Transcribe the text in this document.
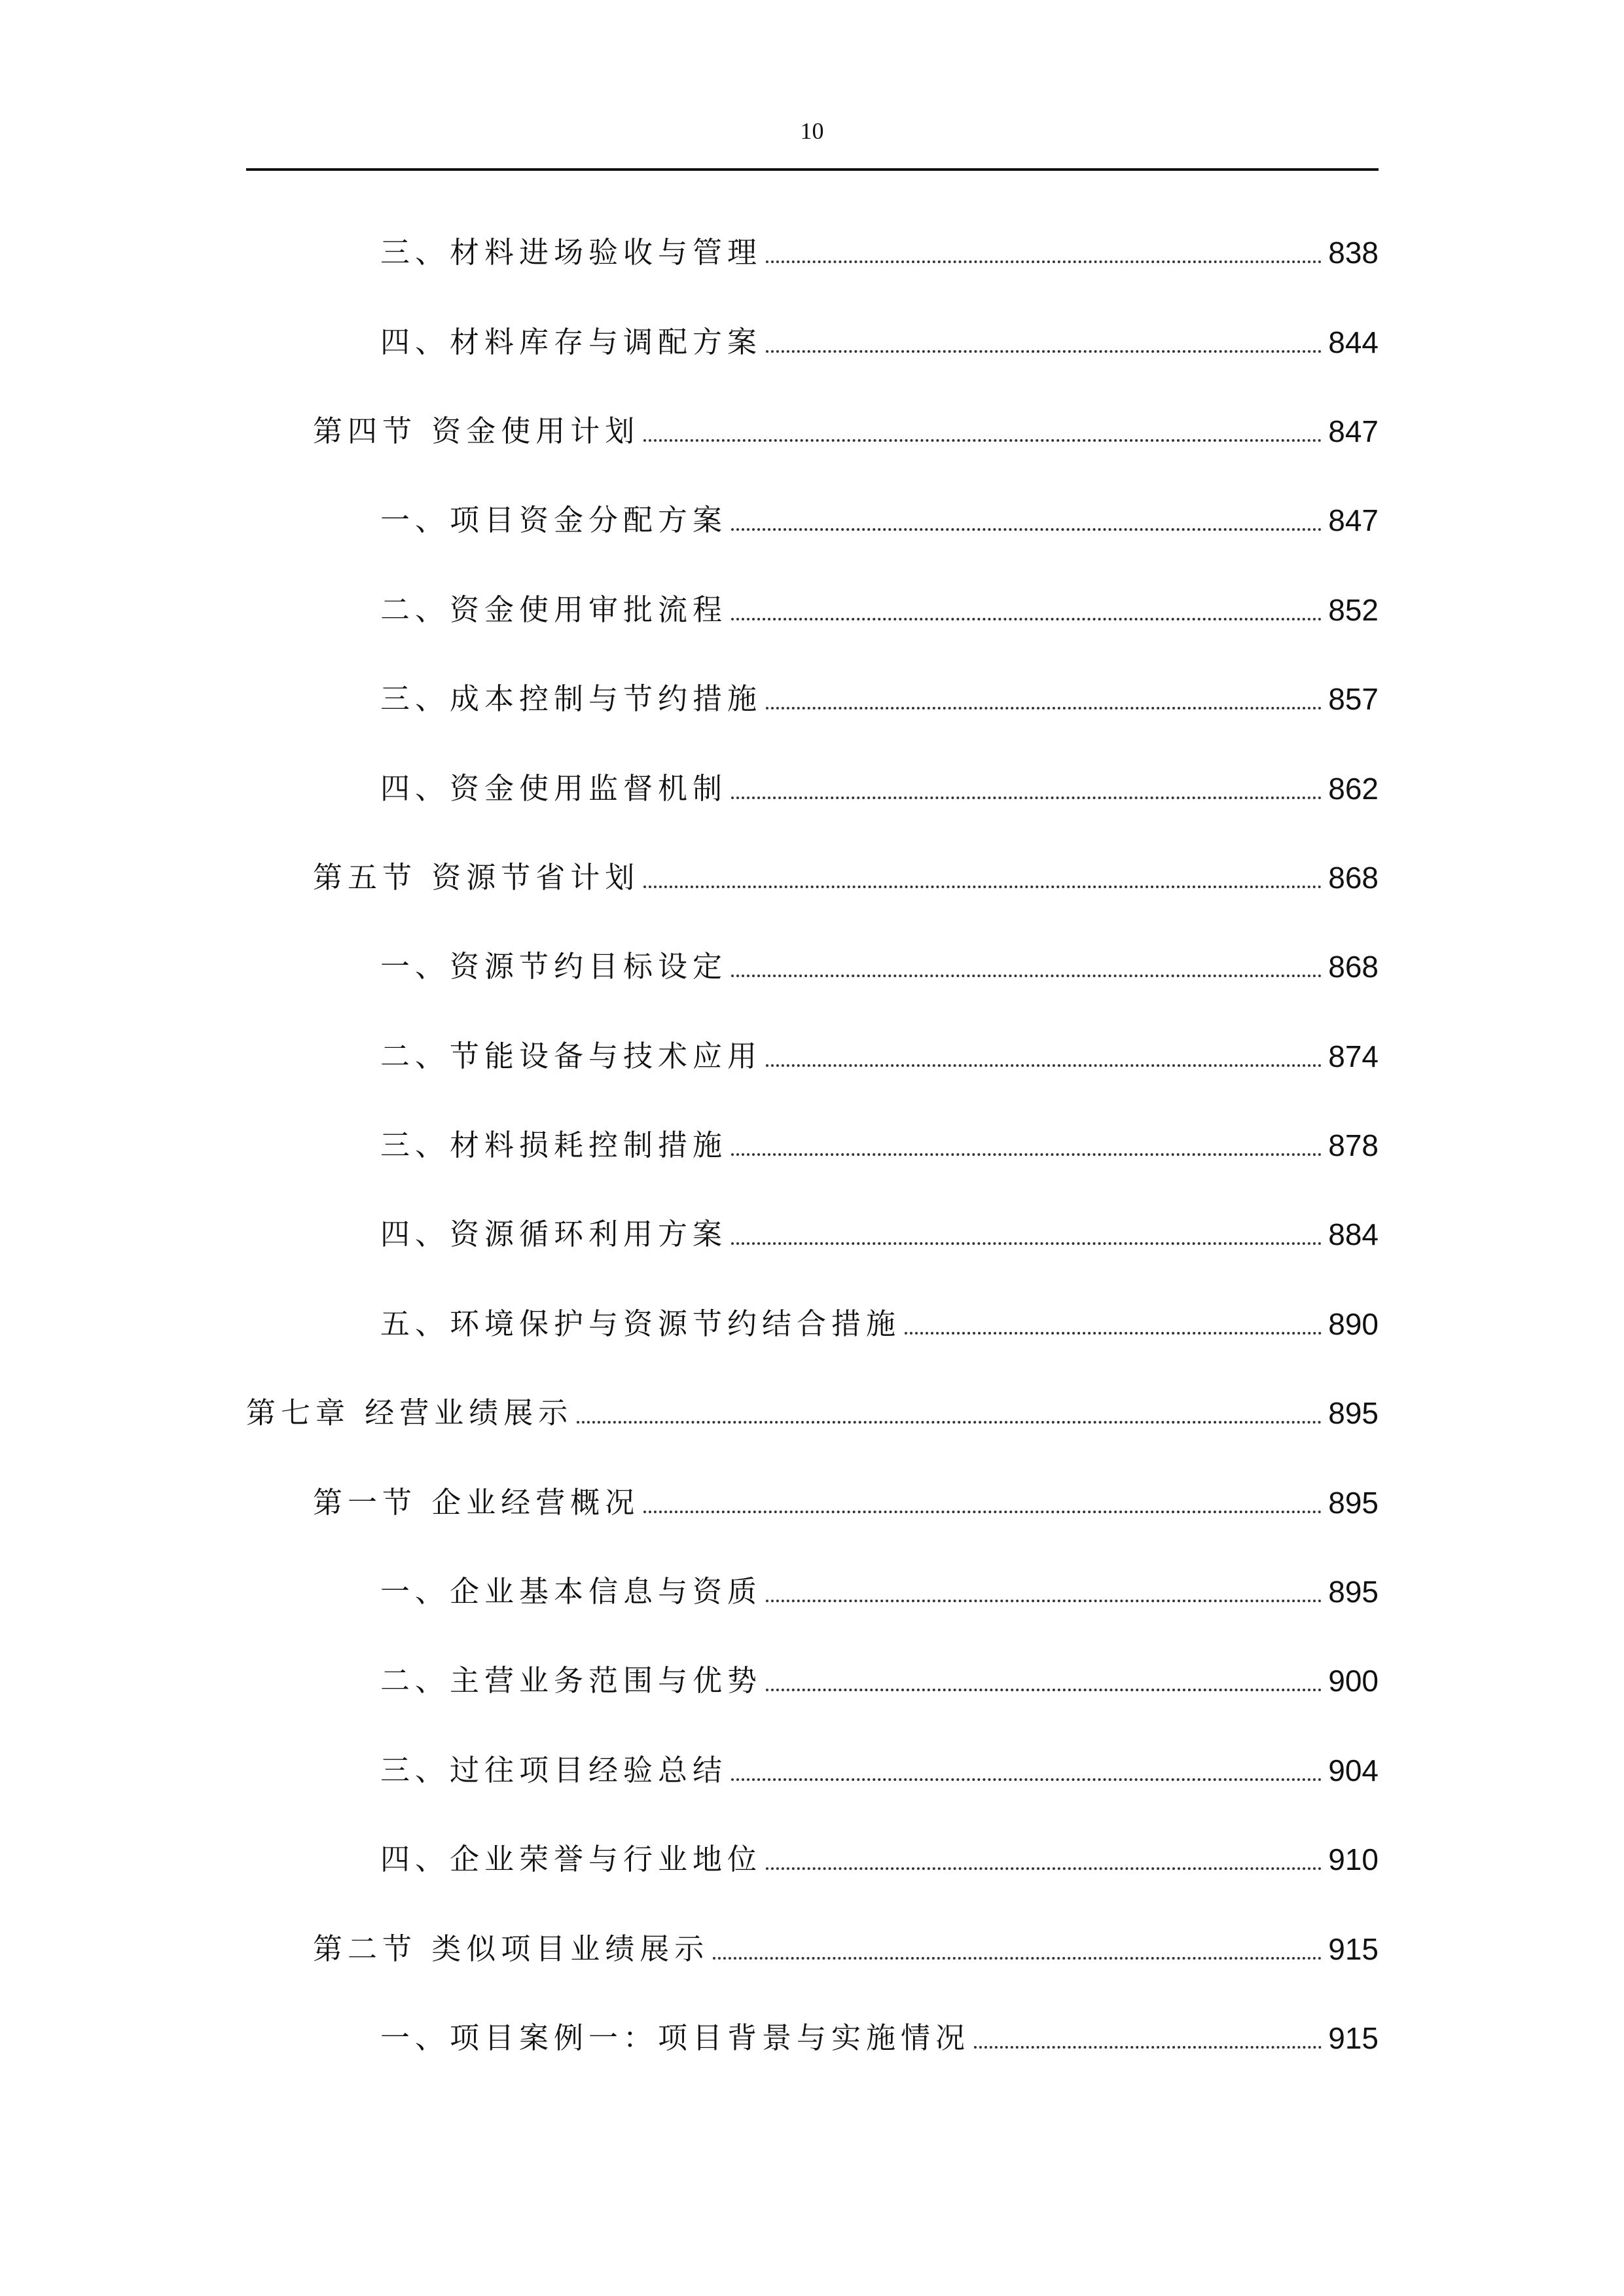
10
三、材料进场验收与管理	838
四、材料库存与调配方案	844
第四节 资金使用计划	847
一、项目资金分配方案	847
二、资金使用审批流程	852
三、成本控制与节约措施	857
四、资金使用监督机制	862
第五节 资源节省计划	868
一、资源节约目标设定	868
二、节能设备与技术应用	874
三、材料损耗控制措施	878
四、资源循环利用方案	884
五、环境保护与资源节约结合措施	890
第七章 经营业绩展示	895
第一节 企业经营概况	895
一、企业基本信息与资质	895
二、主营业务范围与优势	900
三、过往项目经验总结	904
四、企业荣誉与行业地位	910
第二节 类似项目业绩展示	915
一、项目案例一：项目背景与实施情况	915
